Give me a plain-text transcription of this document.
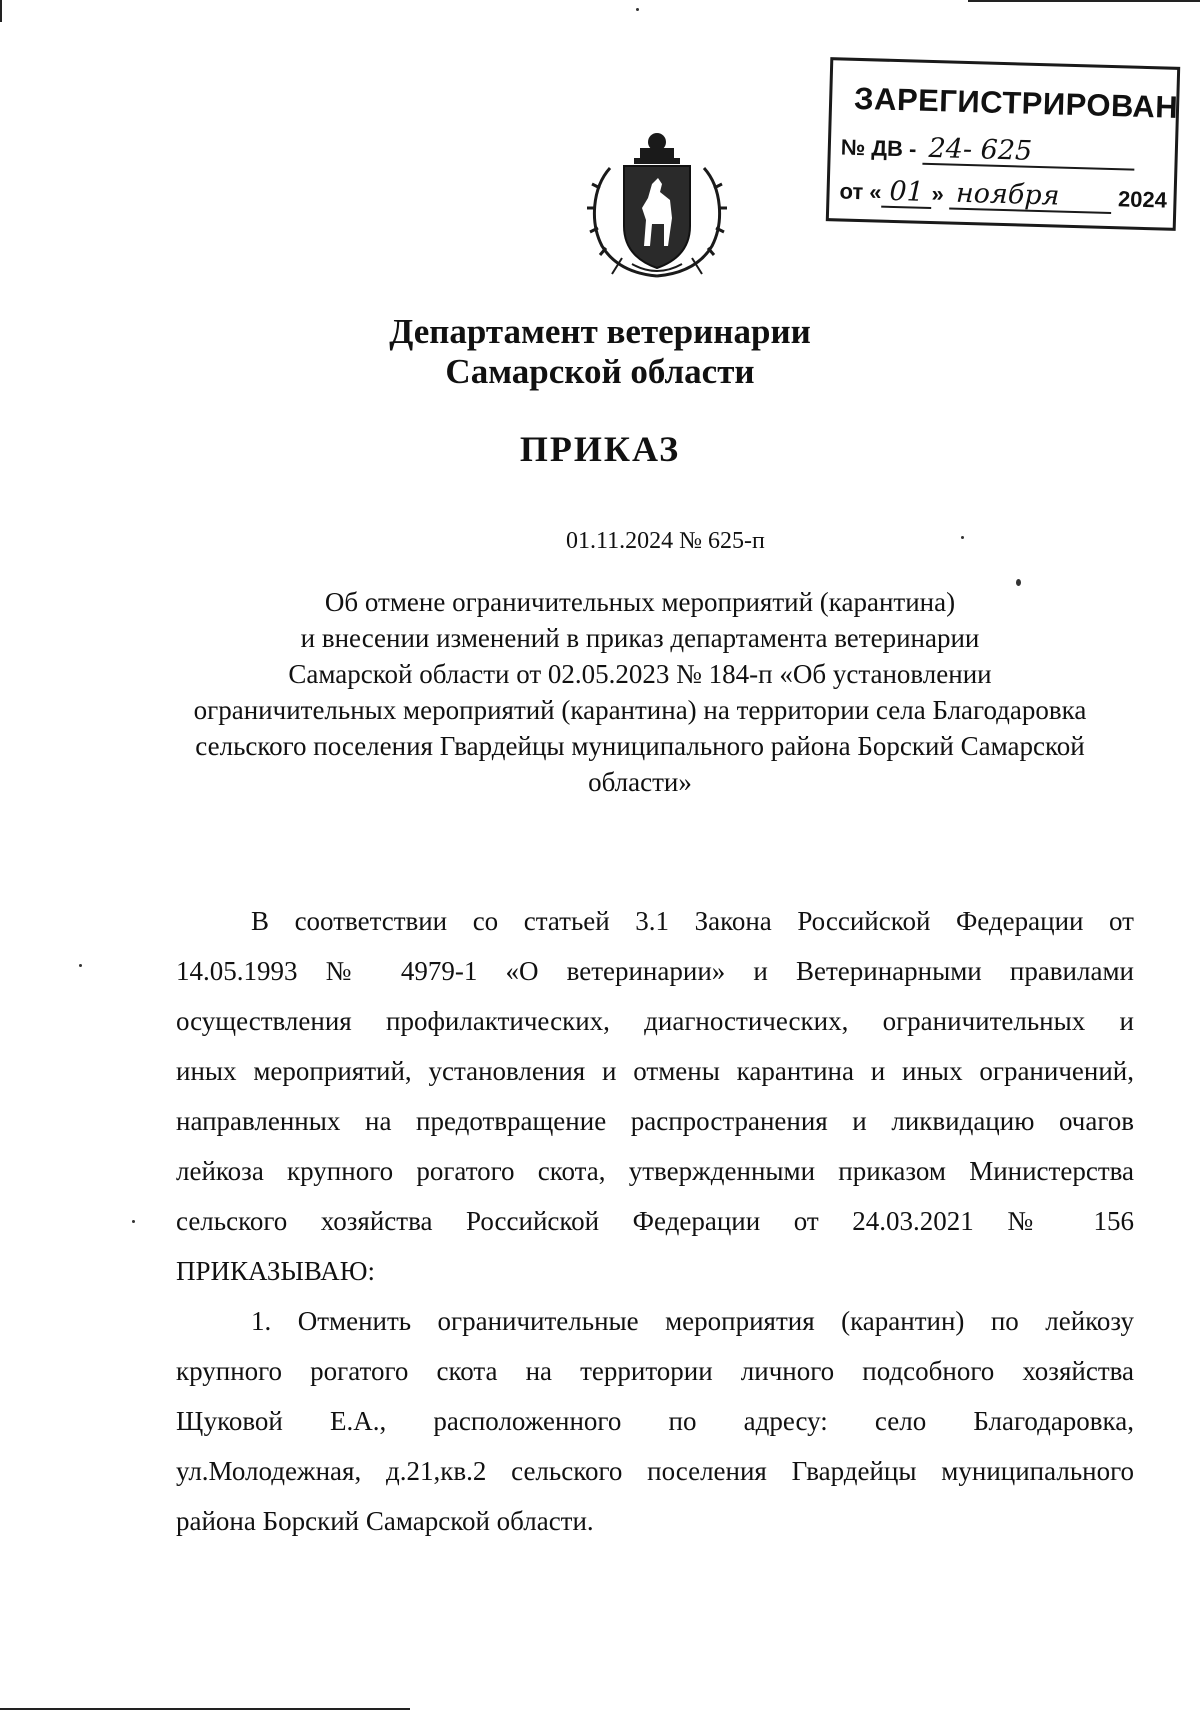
ЗАРЕГИСТРИРОВАН
№ ДВ - 24- 625
от « 01 » ноября	2024
Департамент ветеринарии
Самарской области
ПРИКАЗ
01.11.2024 № 625-п
Об отмене ограничительных мероприятий (карантина)
и внесении изменений в приказ департамента ветеринарии
Самарской области от 02.05.2023 № 184-п «Об установлении
ограничительных мероприятий (карантина) на территории села Благодаровка
сельского поселения Гвардейцы муниципального района Борский Самарской
области»
В соответствии со статьей 3.1 Закона Российской Федерации от
14.05.1993 № 4979-1 «О ветеринарии» и Ветеринарными правилами
осуществления профилактических, диагностических, ограничительных и
иных мероприятий, установления и отмены карантина и иных ограничений,
направленных на предотвращение распространения и ликвидацию очагов
лейкоза крупного рогатого скота, утвержденными приказом Министерства
сельского хозяйства Российской Федерации от 24.03.2021 № 156
ПРИКАЗЫВАЮ:
1. Отменить ограничительные мероприятия (карантин) по лейкозу
крупного рогатого скота на территории личного подсобного хозяйства
Щуковой Е.А., расположенного по адресу: село Благодаровка,
ул.Молодежная, д.21,кв.2 сельского поселения Гвардейцы муниципального
района Борский Самарской области.
